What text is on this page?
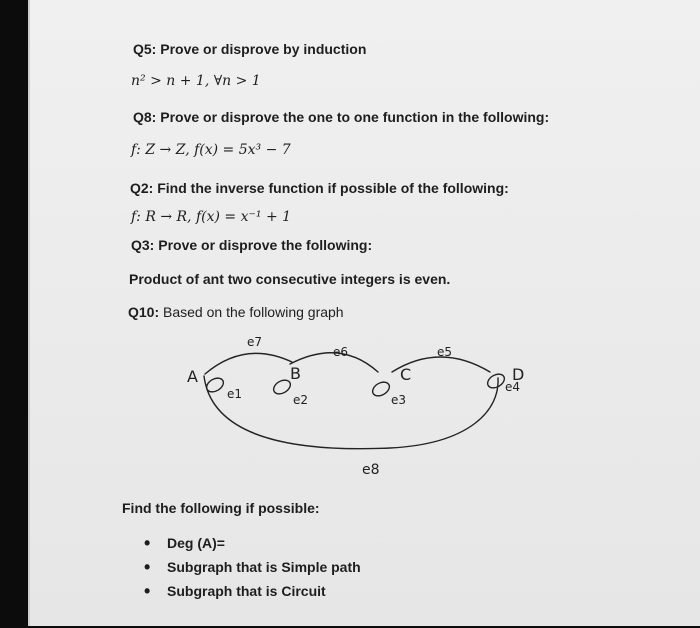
Q5: Prove or disprove by induction
n² > n + 1, ∀n > 1
Q8: Prove or disprove the one to one function in the following:
f: Z → Z, f(x) = 5x³ − 7
Q2: Find the inverse function if possible of the following:
f: R → R, f(x) = x⁻¹ + 1
Q3: Prove or disprove the following:
Product of ant two consecutive integers is even.
Q10: Based on the following graph
A	B	C	D
e1	e2	e3
e4
e5
e6
e7
e8
Find the following if possible:
• Deg (A)=
• Subgraph that is Simple path
• Subgraph that is Circuit
